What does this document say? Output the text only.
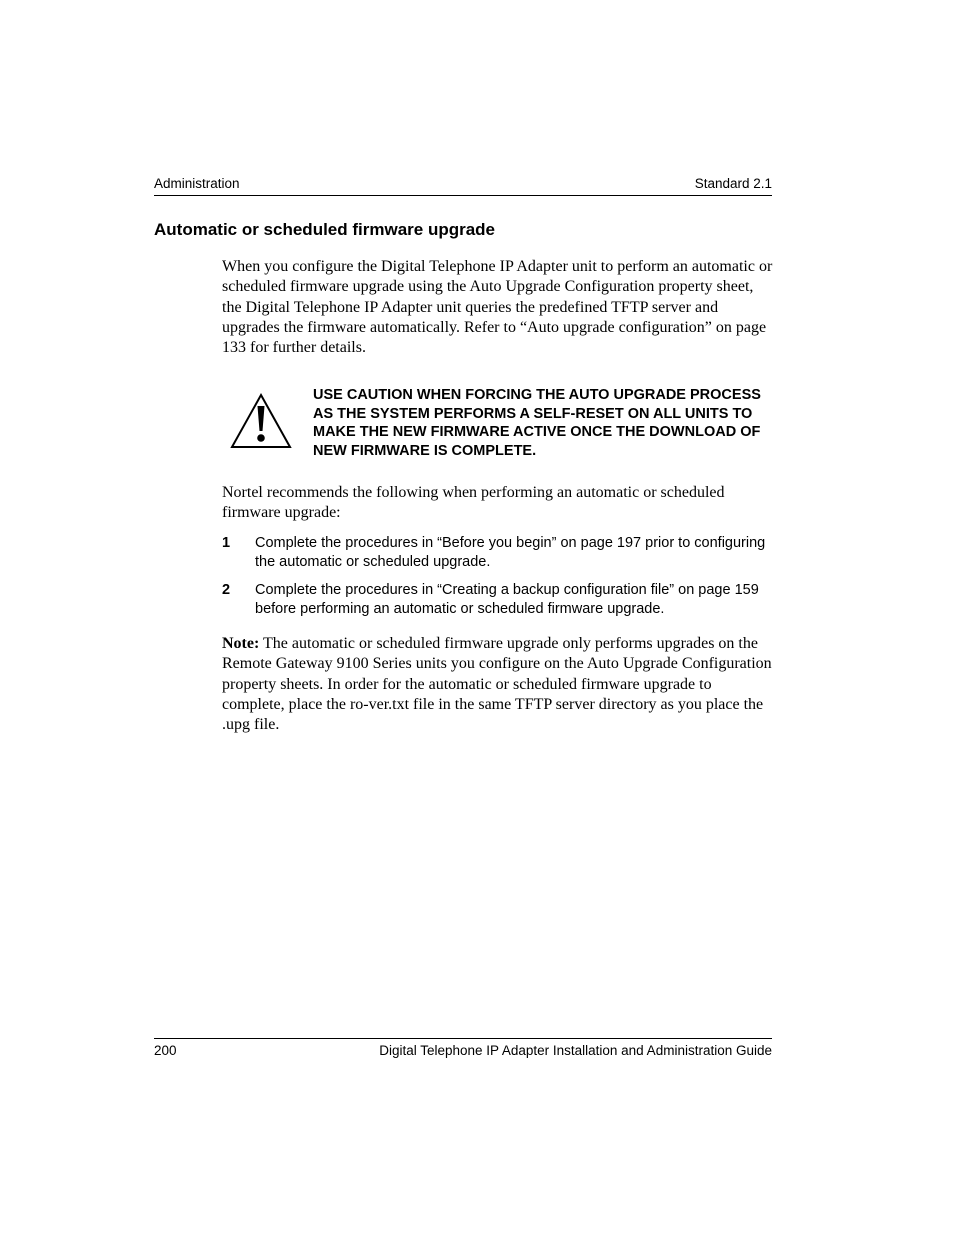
Administration	Standard 2.1
Automatic or scheduled firmware upgrade

When you configure the Digital Telephone IP Adapter unit to perform an automatic or scheduled firmware upgrade using the Auto Upgrade Configuration property sheet, the Digital Telephone IP Adapter unit queries the predefined TFTP server and upgrades the firmware automatically. Refer to “Auto upgrade configuration” on page 133 for further details.

USE CAUTION WHEN FORCING THE AUTO UPGRADE PROCESS AS THE SYSTEM PERFORMS A SELF-RESET ON ALL UNITS TO MAKE THE NEW FIRMWARE ACTIVE ONCE THE DOWNLOAD OF NEW FIRMWARE IS COMPLETE.

Nortel recommends the following when performing an automatic or scheduled firmware upgrade:

1 Complete the procedures in “Before you begin” on page 197 prior to configuring the automatic or scheduled upgrade.
2 Complete the procedures in “Creating a backup configuration file” on page 159 before performing an automatic or scheduled firmware upgrade.

Note: The automatic or scheduled firmware upgrade only performs upgrades on the Remote Gateway 9100 Series units you configure on the Auto Upgrade Configuration property sheets. In order for the automatic or scheduled firmware upgrade to complete, place the ro-ver.txt file in the same TFTP server directory as you place the .upg file.

200	Digital Telephone IP Adapter Installation and Administration Guide
